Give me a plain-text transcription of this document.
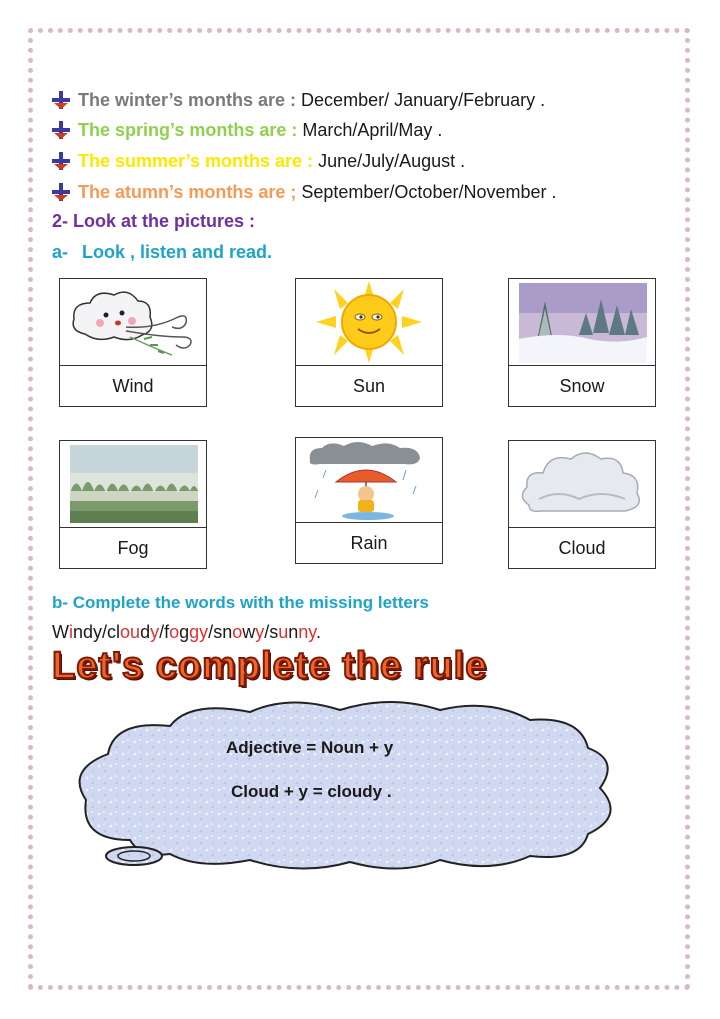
The winter’s months are : December/ January/February .
The spring’s months are : March/April/May .
The summer’s months are : June/July/August .
The atumn’s months are ; September/October/November .
2- Look at the pictures :
a- Look , listen and read.
Wind	Sun	Snow
Fog	Rain	Cloud
b- Complete the words with the missing letters
Windy/cloudy/foggy/snowy/sunny.
Let's complete the rule
Adjective = Noun + y
Cloud + y = cloudy .
